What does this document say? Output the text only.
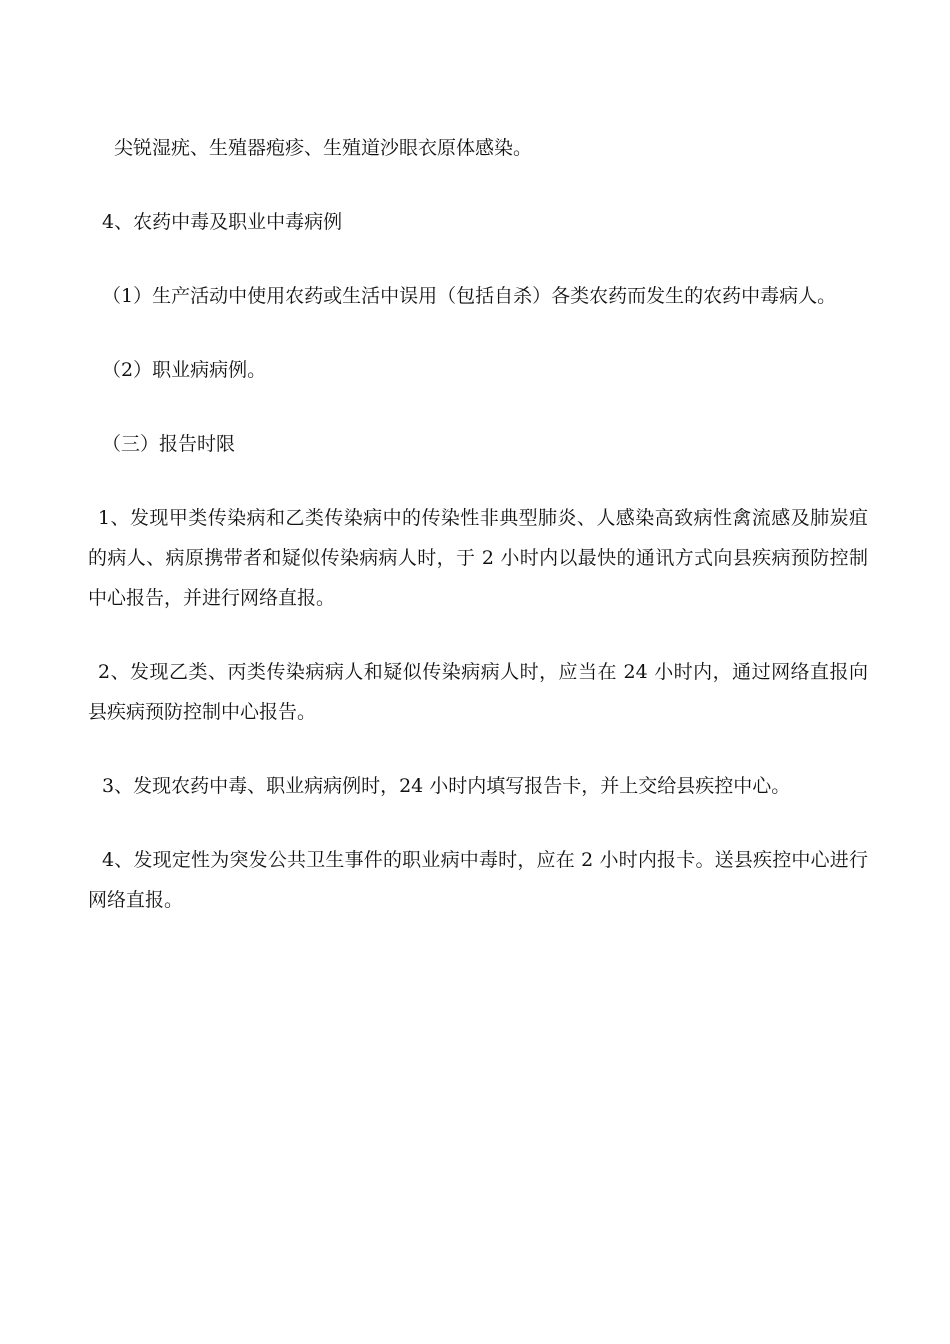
尖锐湿疣、生殖器疱疹、生殖道沙眼衣原体感染。

4、农药中毒及职业中毒病例

（1）生产活动中使用农药或生活中误用（包括自杀）各类农药而发生的农药中毒病人。

（2）职业病病例。

（三）报告时限

1、发现甲类传染病和乙类传染病中的传染性非典型肺炎、人感染高致病性禽流感及肺炭疽的病人、病原携带者和疑似传染病病人时，于 2 小时内以最快的通讯方式向县疾病预防控制中心报告，并进行网络直报。

2、发现乙类、丙类传染病病人和疑似传染病病人时，应当在 24 小时内，通过网络直报向县疾病预防控制中心报告。

3、发现农药中毒、职业病病例时，24 小时内填写报告卡，并上交给县疾控中心。

4、发现定性为突发公共卫生事件的职业病中毒时，应在 2 小时内报卡。送县疾控中心进行网络直报。
